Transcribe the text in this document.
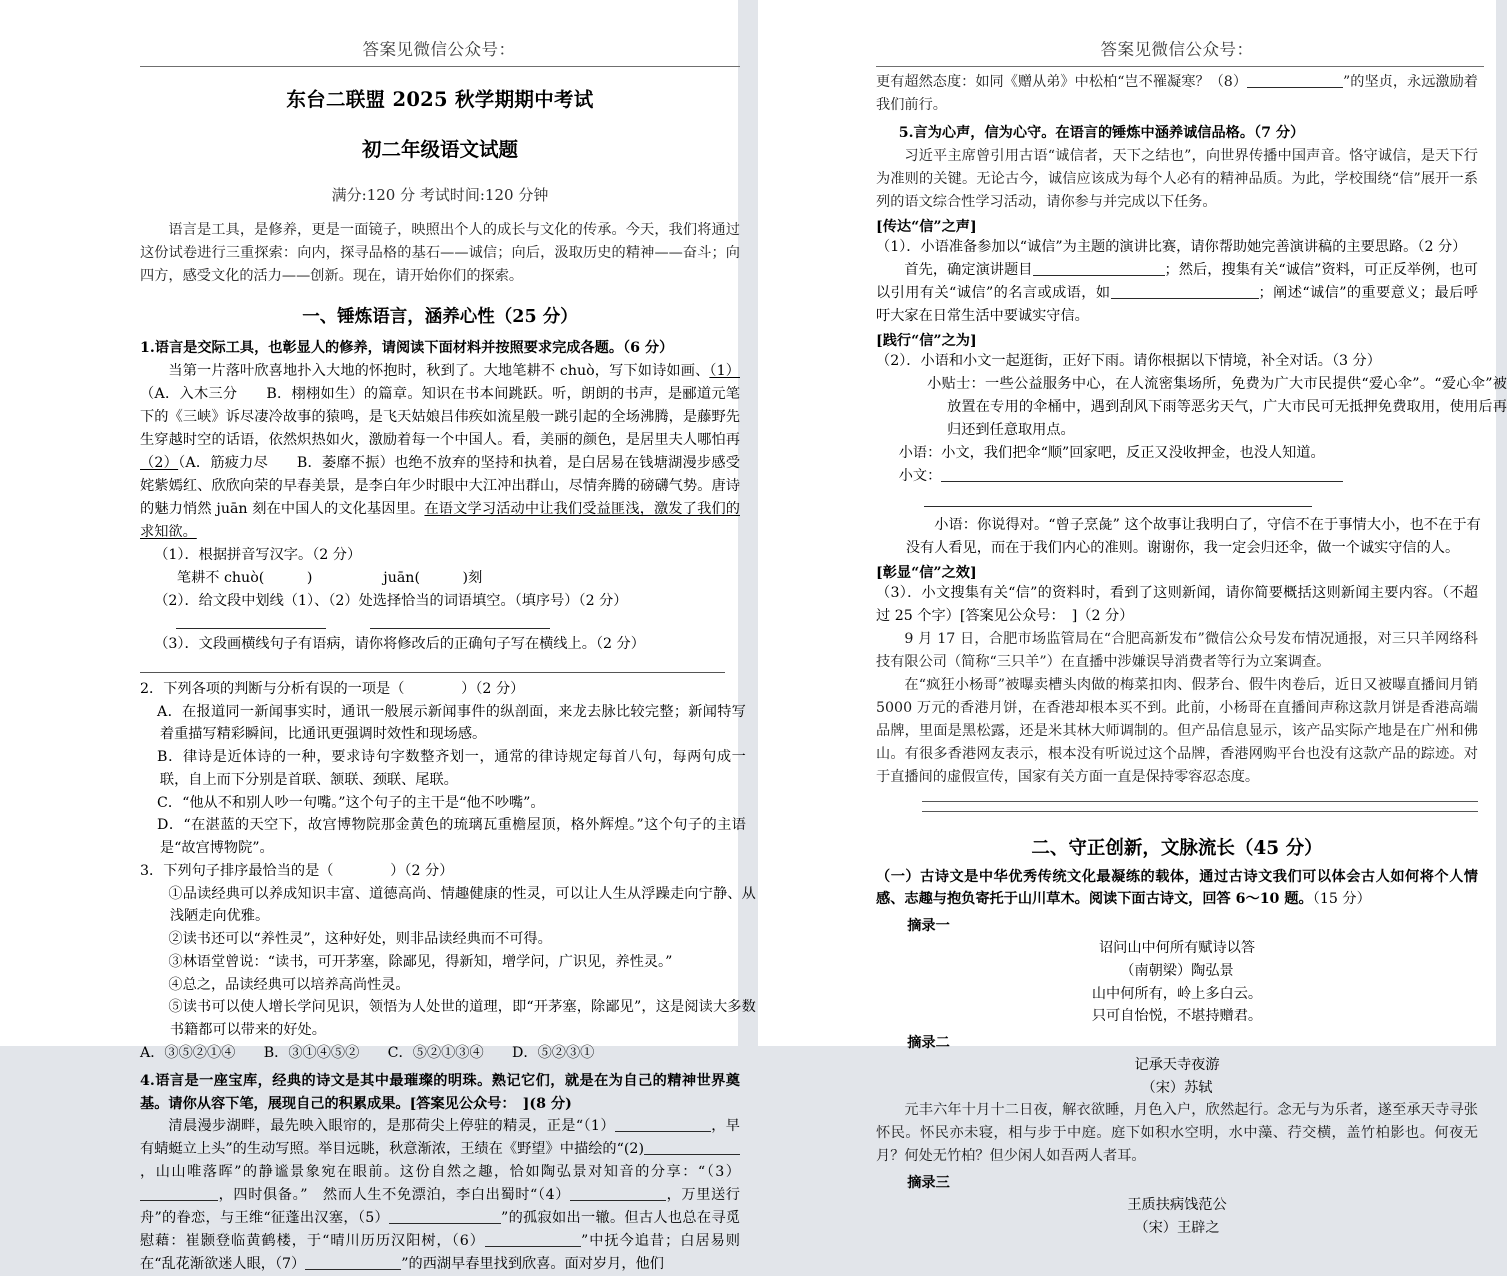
答案见微信公众号：
东台二联盟 2025 秋学期期中考试
初二年级语文试题
满分:120 分 考试时间:120 分钟

语言是工具，是修养，更是一面镜子，映照出个人的成长与文化的传承。今天，我们将通过这份试卷进行三重探索：向内，探寻品格的基石——诚信；向后，汲取历史的精神——奋斗；向四方，感受文化的活力——创新。现在，请开始你们的探索。

一、锤炼语言，涵养心性（25 分）

1.语言是交际工具，也彰显人的修养，请阅读下面材料并按照要求完成各题。（6 分）

当第一片落叶欣喜地扑入大地的怀抱时，秋到了。大地笔耕不 chuò，写下如诗如画、（1）（A．入木三分　　B．栩栩如生）的篇章。知识在书本间跳跃。听，朗朗的书声，是郦道元笔下的《三峡》诉尽凄冷故事的猿鸣，是飞天姑娘吕伟疾如流星般一跳引起的全场沸腾，是藤野先生穿越时空的话语，依然炽热如火，激励着每一个中国人。看，美丽的颜色，是居里夫人哪怕再（2）（A．筋疲力尽　　B．萎靡不振）也绝不放弃的坚持和执着，是白居易在钱塘湖漫步感受姹紫嫣红、欣欣向荣的早春美景，是李白年少时眼中大江冲出群山，尽情奔腾的磅礴气势。唐诗的魅力悄然 juān 刻在中国人的文化基因里。在语文学习活动中让我们受益匪浅，激发了我们的求知欲。

（1）．根据拼音写汉字。（2 分）

笔耕不 chuò(　　　)　　　　　juān(　　　)刻

（2）．给文段中划线（1）、（2）处选择恰当的词语填空。（填序号）（2 分）

（3）．文段画横线句子有语病，请你将修改后的正确句子写在横线上。（2 分）

2．下列各项的判断与分析有误的一项是（　　　　）（2 分）

A．在报道同一新闻事实时，通讯一般展示新闻事件的纵剖面，来龙去脉比较完整；新闻特写着重描写精彩瞬间，比通讯更强调时效性和现场感。

B．律诗是近体诗的一种，要求诗句字数整齐划一，通常的律诗规定每首八句，每两句成一联，自上而下分别是首联、颔联、颈联、尾联。

C．“他从不和别人吵一句嘴。”这个句子的主干是“他不吵嘴”。

D．“在湛蓝的天空下，故宫博物院那金黄色的琉璃瓦重檐屋顶，格外辉煌。”这个句子的主语是“故宫博物院”。

3．下列句子排序最恰当的是（　　　　）（2 分）

①品读经典可以养成知识丰富、道德高尚、情趣健康的性灵，可以让人生从浮躁走向宁静、从浅陋走向优雅。

②读书还可以“养性灵”，这种好处，则非品读经典而不可得。

③林语堂曾说：“读书，可开茅塞，除鄙见，得新知，增学问，广识见，养性灵。”

④总之，品读经典可以培养高尚性灵。

⑤读书可以使人增长学问见识，领悟为人处世的道理，即“开茅塞，除鄙见”，这是阅读大多数书籍都可以带来的好处。

A．③⑤②①④　　B．③①④⑤②　　C．⑤②①③④　　D．⑤②③①

4.语言是一座宝库，经典的诗文是其中最璀璨的明珠。熟记它们，就是在为自己的精神世界奠基。请你从容下笔，展现自己的积累成果。[答案见公众号：　](8 分)

清晨漫步湖畔，最先映入眼帘的，是那荷尖上停驻的精灵，正是“（1）	，早有蜻蜓立上头”的生动写照。举目远眺，秋意渐浓，王绩在《野望》中描绘的“(2)，山山唯落晖”的静谧景象宛在眼前。这份自然之趣，恰如陶弘景对知音的分享：“（3），四时俱备。”　然而人生不免漂泊，李白出蜀时“（4）	，万里送行舟”的眷恋，与王维“征蓬出汉塞，（5）	”的孤寂如出一辙。但古人也总在寻觅慰藉：崔颢登临黄鹤楼，于“晴川历历汉阳树，（6）	”中抚今追昔；白居易则在“乱花渐欲迷人眼，（7）	”的西湖早春里找到欣喜。面对岁月，他们

答案见微信公众号：

更有超然态度：如同《赠从弟》中松柏“岂不罹凝寒？（8）	”的坚贞，永远激励着我们前行。

5.言为心声，信为心守。在语言的锤炼中涵养诚信品格。（7 分）

习近平主席曾引用古语“诚信者，天下之结也”，向世界传播中国声音。恪守诚信，是天下行为准则的关键。无论古今，诚信应该成为每个人必有的精神品质。为此，学校围绕“信”展开一系列的语文综合性学习活动，请你参与并完成以下任务。

[传达“信”之声]

（1）．小语准备参加以“诚信”为主题的演讲比赛，请你帮助她完善演讲稿的主要思路。（2 分）

首先，确定演讲题目	；然后，搜集有关“诚信”资料，可正反举例，也可以引用有关“诚信”的名言或成语，如	；阐述“诚信”的重要意义；最后呼吁大家在日常生活中要诚实守信。

[践行“信”之为]

（2）．小语和小文一起逛街，正好下雨。请你根据以下情境，补全对话。（3 分）

小贴士：一些公益服务中心，在人流密集场所，免费为广大市民提供“爱心伞”。“爱心伞”被放置在专用的伞桶中，遇到刮风下雨等恶劣天气，广大市民可无抵押免费取用，使用后再归还到任意取用点。

小语：小文，我们把伞“顺”回家吧，反正又没收押金，也没人知道。

小文：

小语：你说得对。“曾子烹彘” 这个故事让我明白了，守信不在于事情大小，也不在于有没有人看见，而在于我们内心的准则。谢谢你，我一定会归还伞，做一个诚实守信的人。

[彰显“信”之效]

（3）．小文搜集有关“信”的资料时，看到了这则新闻，请你简要概括这则新闻主要内容。（不超过 25 个字）[答案见公众号：　]（2 分）

9 月 17 日，合肥市场监管局在“合肥高新发布”微信公众号发布情况通报，对三只羊网络科技有限公司（简称“三只羊”）在直播中涉嫌误导消费者等行为立案调查。

在“疯狂小杨哥”被曝卖槽头肉做的梅菜扣肉、假茅台、假牛肉卷后，近日又被曝直播间月销 5000 万元的香港月饼，在香港却根本买不到。此前，小杨哥在直播间声称这款月饼是香港高端品牌，里面是黑松露，还是米其林大师调制的。但产品信息显示，该产品实际产地是在广州和佛山。有很多香港网友表示，根本没有听说过这个品牌，香港网购平台也没有这款产品的踪迹。对于直播间的虚假宣传，国家有关方面一直是保持零容忍态度。

二、守正创新，文脉流长（45 分）

（一）古诗文是中华优秀传统文化最凝练的载体，通过古诗文我们可以体会古人如何将个人情感、志趣与抱负寄托于山川草木。阅读下面古诗文，回答 6～10 题。（15 分）

摘录一

诏问山中何所有赋诗以答

（南朝梁）陶弘景

山中何所有，岭上多白云。

只可自怡悦，不堪持赠君。

摘录二

记承天寺夜游

（宋）苏轼

元丰六年十月十二日夜，解衣欲睡，月色入户，欣然起行。念无与为乐者，遂至承天寺寻张怀民。怀民亦未寝，相与步于中庭。庭下如积水空明，水中藻、荇交横，盖竹柏影也。何夜无月？何处无竹柏？但少闲人如吾两人者耳。

摘录三

王质扶病饯范公

（宋）王辟之
